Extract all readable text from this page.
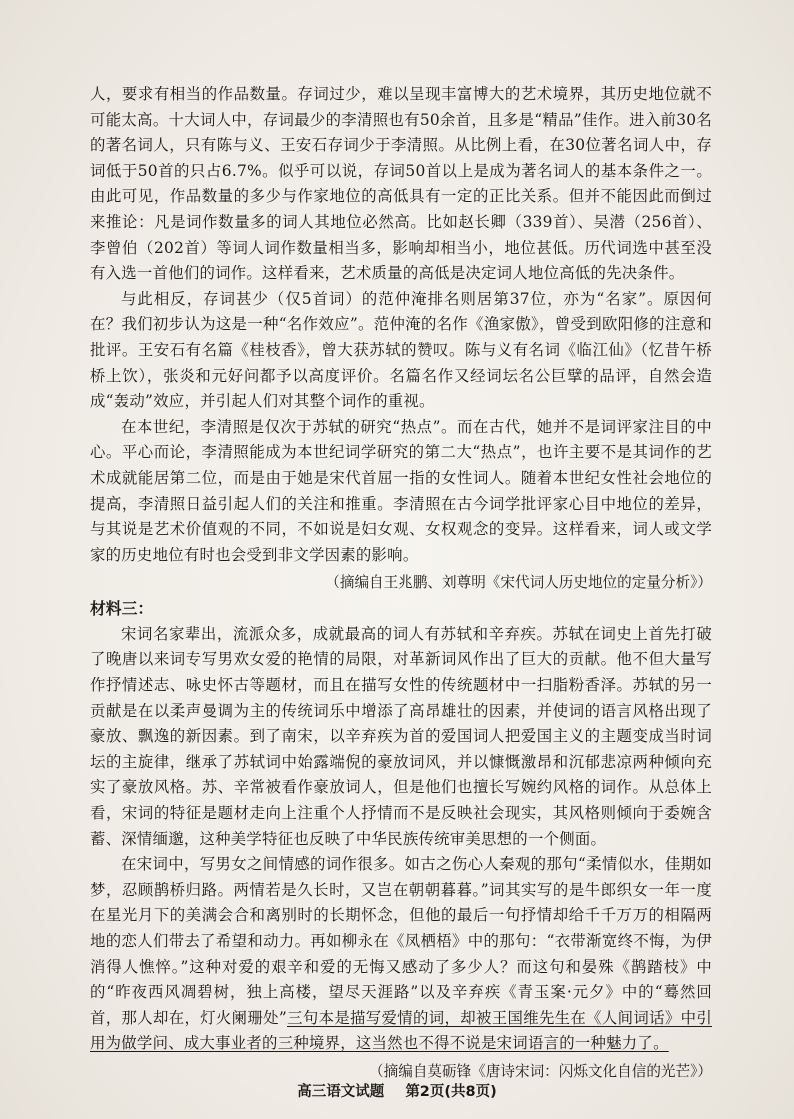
人，要求有相当的作品数量。存词过少，难以呈现丰富博大的艺术境界，其历史地位就不可能太高。十大词人中，存词最少的李清照也有50余首，且多是“精品”佳作。进入前30名的著名词人，只有陈与义、王安石存词少于李清照。从比例上看，在30位著名词人中，存词低于50首的只占6.7%。似乎可以说，存词50首以上是成为著名词人的基本条件之一。由此可见，作品数量的多少与作家地位的高低具有一定的正比关系。但并不能因此而倒过来推论：凡是词作数量多的词人其地位必然高。比如赵长卿（339首）、吴潜（256首）、李曾伯（202首）等词人词作数量相当多，影响却相当小，地位甚低。历代词选中甚至没有入选一首他们的词作。这样看来，艺术质量的高低是决定词人地位高低的先决条件。

与此相反，存词甚少（仅5首词）的范仲淹排名则居第37位，亦为“名家”。原因何在？我们初步认为这是一种“名作效应”。范仲淹的名作《渔家傲》，曾受到欧阳修的注意和批评。王安石有名篇《桂枝香》，曾大获苏轼的赞叹。陈与义有名词《临江仙》（忆昔午桥桥上饮），张炎和元好问都予以高度评价。名篇名作又经词坛名公巨擘的品评，自然会造成“轰动”效应，并引起人们对其整个词作的重视。

在本世纪，李清照是仅次于苏轼的研究“热点”。而在古代，她并不是词评家注目的中心。平心而论，李清照能成为本世纪词学研究的第二大“热点”，也许主要不是其词作的艺术成就能居第二位，而是由于她是宋代首屈一指的女性词人。随着本世纪女性社会地位的提高，李清照日益引起人们的关注和推重。李清照在古今词学批评家心目中地位的差异，与其说是艺术价值观的不同，不如说是妇女观、女权观念的变异。这样看来，词人或文学家的历史地位有时也会受到非文学因素的影响。

（摘编自王兆鹏、刘尊明《宋代词人历史地位的定量分析》）

材料三：

宋词名家辈出，流派众多，成就最高的词人有苏轼和辛弃疾。苏轼在词史上首先打破了晚唐以来词专写男欢女爱的艳情的局限，对革新词风作出了巨大的贡献。他不但大量写作抒情述志、咏史怀古等题材，而且在描写女性的传统题材中一扫脂粉香泽。苏轼的另一贡献是在以柔声曼调为主的传统词乐中增添了高昂雄壮的因素，并使词的语言风格出现了豪放、飘逸的新因素。到了南宋，以辛弃疾为首的爱国词人把爱国主义的主题变成当时词坛的主旋律，继承了苏轼词中始露端倪的豪放词风，并以慷慨激昂和沉郁悲凉两种倾向充实了豪放风格。苏、辛常被看作豪放词人，但是他们也擅长写婉约风格的词作。从总体上看，宋词的特征是题材走向上注重个人抒情而不是反映社会现实，其风格则倾向于委婉含蓄、深情缅邈，这种美学特征也反映了中华民族传统审美思想的一个侧面。

在宋词中，写男女之间情感的词作很多。如古之伤心人秦观的那句“柔情似水，佳期如梦，忍顾鹊桥归路。两情若是久长时，又岂在朝朝暮暮。”词其实写的是牛郎织女一年一度在星光月下的美满会合和离别时的长期怀念，但他的最后一句抒情却给千千万万的相隔两地的恋人们带去了希望和动力。再如柳永在《凤栖梧》中的那句：“衣带渐宽终不悔，为伊消得人憔悴。”这种对爱的艰辛和爱的无悔又感动了多少人？而这句和晏殊《鹊踏枝》中的“昨夜西风凋碧树，独上高楼，望尽天涯路”以及辛弃疾《青玉案·元夕》中的“蓦然回首，那人却在，灯火阑珊处”三句本是描写爱情的词，却被王国维先生在《人间词话》中引用为做学问、成大事业者的三种境界，这当然也不得不说是宋词语言的一种魅力了。

（摘编自莫砺锋《唐诗宋词：闪烁文化自信的光芒》）

高三语文试题 第2页(共8页)
